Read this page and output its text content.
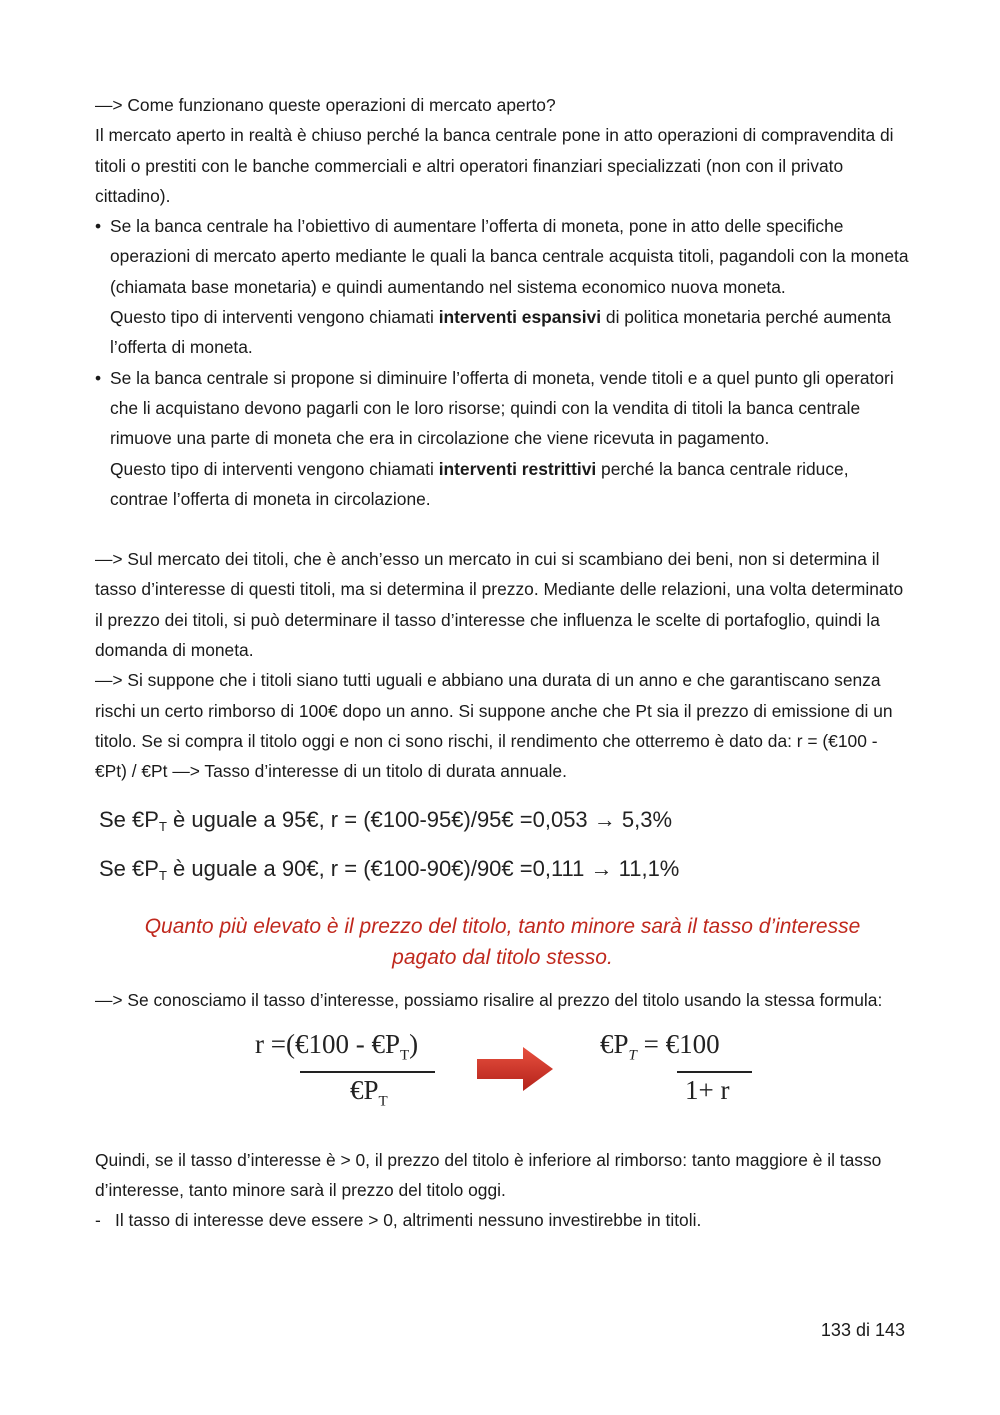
—> Come funzionano queste operazioni di mercato aperto?

Il mercato aperto in realtà è chiuso perché la banca centrale pone in atto operazioni di compravendita di titoli o prestiti con le banche commerciali e altri operatori finanziari specializzati (non con il privato cittadino).

• Se la banca centrale ha l’obiettivo di aumentare l’offerta di moneta, pone in atto delle specifiche operazioni di mercato aperto mediante le quali la banca centrale acquista titoli, pagandoli con la moneta (chiamata base monetaria) e quindi aumentando nel sistema economico nuova moneta.

Questo tipo di interventi vengono chiamati interventi espansivi di politica monetaria perché aumenta l’offerta di moneta.

• Se la banca centrale si propone si diminuire l’offerta di moneta, vende titoli e a quel punto gli operatori che li acquistano devono pagarli con le loro risorse; quindi con la vendita di titoli la banca centrale rimuove una parte di moneta che era in circolazione che viene ricevuta in pagamento.

Questo tipo di interventi vengono chiamati interventi restrittivi perché la banca centrale riduce, contrae l’offerta di moneta in circolazione.

—> Sul mercato dei titoli, che è anch’esso un mercato in cui si scambiano dei beni, non si determina il tasso d’interesse di questi titoli, ma si determina il prezzo. Mediante delle relazioni, una volta determinato il prezzo dei titoli, si può determinare il tasso d’interesse che influenza le scelte di portafoglio, quindi la domanda di moneta.

—> Si suppone che i titoli siano tutti uguali e abbiano una durata di un anno e che garantiscano senza rischi un certo rimborso di 100€ dopo un anno. Si suppone anche che Pt sia il prezzo di emissione di un titolo. Se si compra il titolo oggi e non ci sono rischi, il rendimento che otterremo è dato da: r = (€100 - €Pt) / €Pt —> Tasso d’interesse di un titolo di durata annuale.

Se $€P_T$ è uguale a 95€, r = (€100-95€)/95€ =0,053 → 5,3%
Se $€P_T$ è uguale a 90€, r = (€100-90€)/90€ =0,111 → 11,1%
Quanto più elevato è il prezzo del titolo, tanto minore sarà il tasso d’interesse
pagato dal titolo stesso.

—> Se conosciamo il tasso d’interesse, possiamo risalire al prezzo del titolo usando la stessa formula:

r =(€100 - $€P_T$)
$€P_T$
$€P_T$ = €100
1+ r

Quindi, se il tasso d’interesse è > 0, il prezzo del titolo è inferiore al rimborso: tanto maggiore è il tasso d’interesse, tanto minore sarà il prezzo del titolo oggi.

- Il tasso di interesse deve essere > 0, altrimenti nessuno investirebbe in titoli.
133 di 143
